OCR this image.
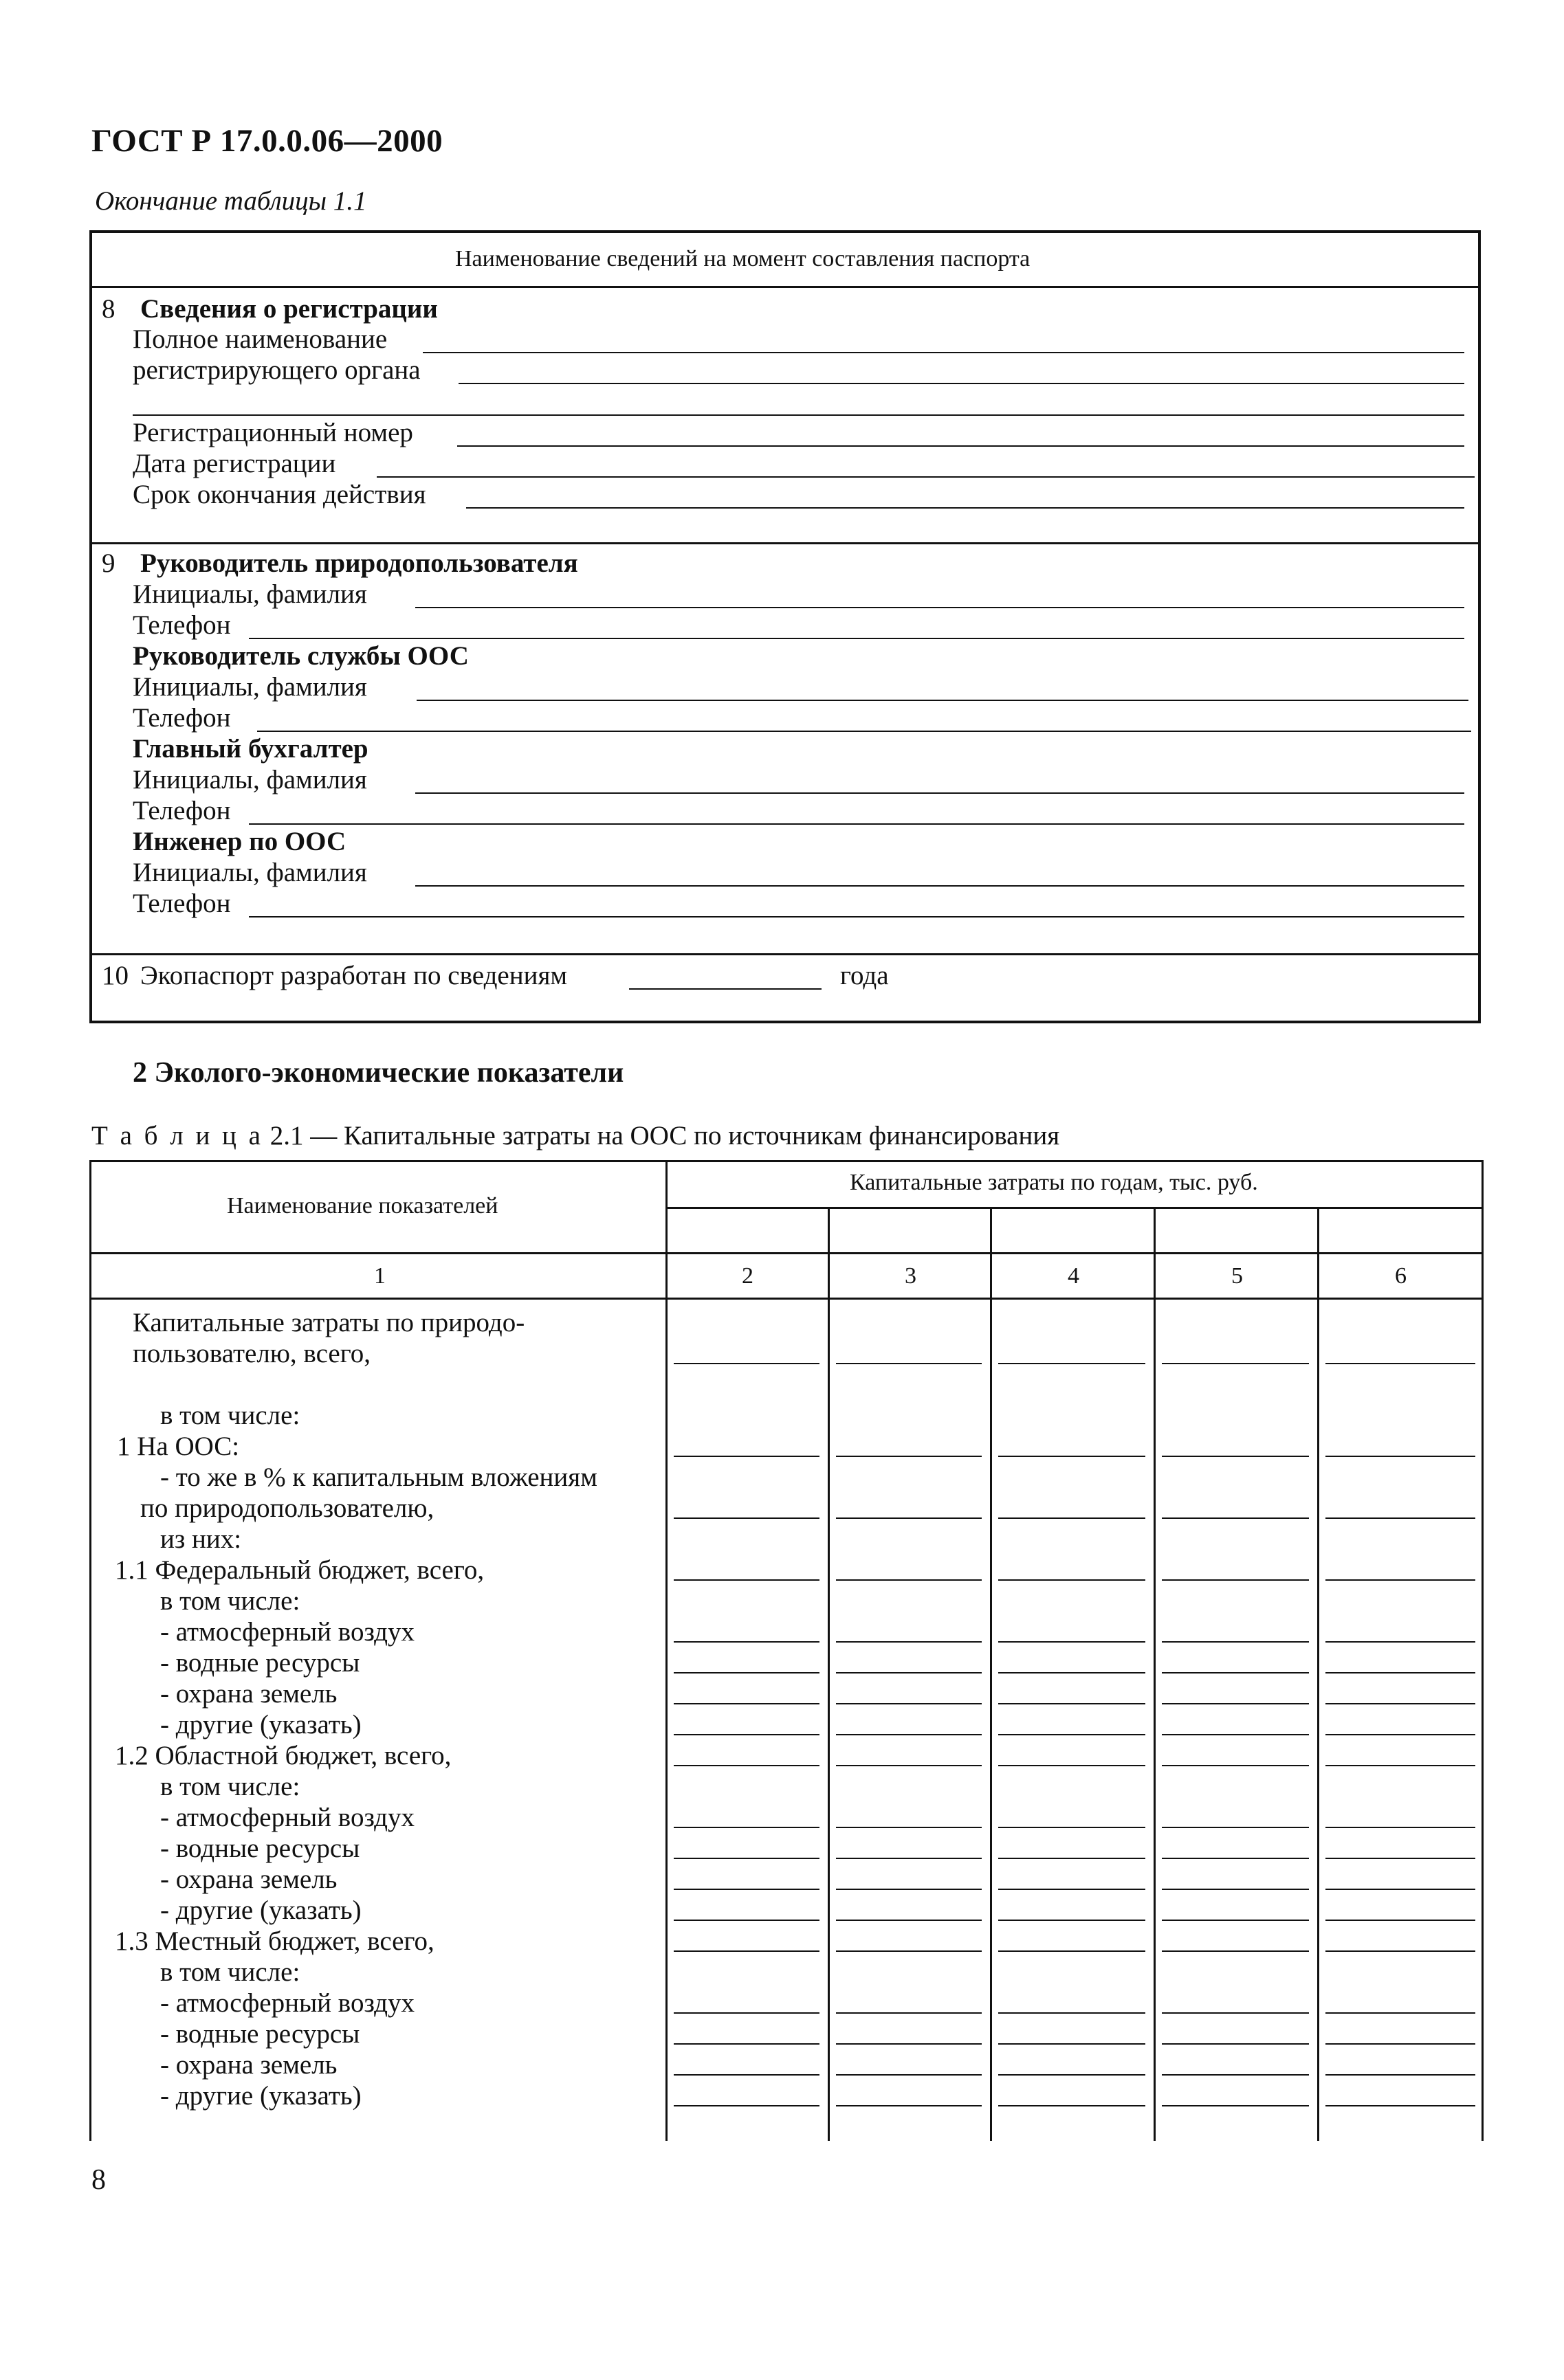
ГОСТ Р 17.0.0.06—2000
Окончание таблицы 1.1
Наименование сведений на момент составления паспорта
8 Сведения о регистрации
Полное наименование
регистрирующего органа
Регистрационный номер
Дата регистрации
Срок окончания действия
9 Руководитель природопользователя
Инициалы, фамилия
Телефон
Руководитель службы ООС
Инициалы, фамилия
Телефон
Главный бухгалтер
Инициалы, фамилия
Телефон
Инженер по ООС
Инициалы, фамилия
Телефон
10 Экопаспорт разработан по сведениям	года
2 Эколого-экономические показатели
Т а б л и ц а 2.1 — Капитальные затраты на ООС по источникам финансирования
Наименование показателей
Капитальные затраты по годам, тыс. руб.
1	2	3	4	5	6
Капитальные затраты по природо-
пользователю, всего,
в том числе:
1 На ООС:
- то же в % к капитальным вложениям
по природопользователю,
из них:
1.1 Федеральный бюджет, всего,
в том числе:
- атмосферный воздух
- водные ресурсы
- охрана земель
- другие (указать)
1.2 Областной бюджет, всего,
в том числе:
- атмосферный воздух
- водные ресурсы
- охрана земель
- другие (указать)
1.3 Местный бюджет, всего,
в том числе:
- атмосферный воздух
- водные ресурсы
- охрана земель
- другие (указать)
8
